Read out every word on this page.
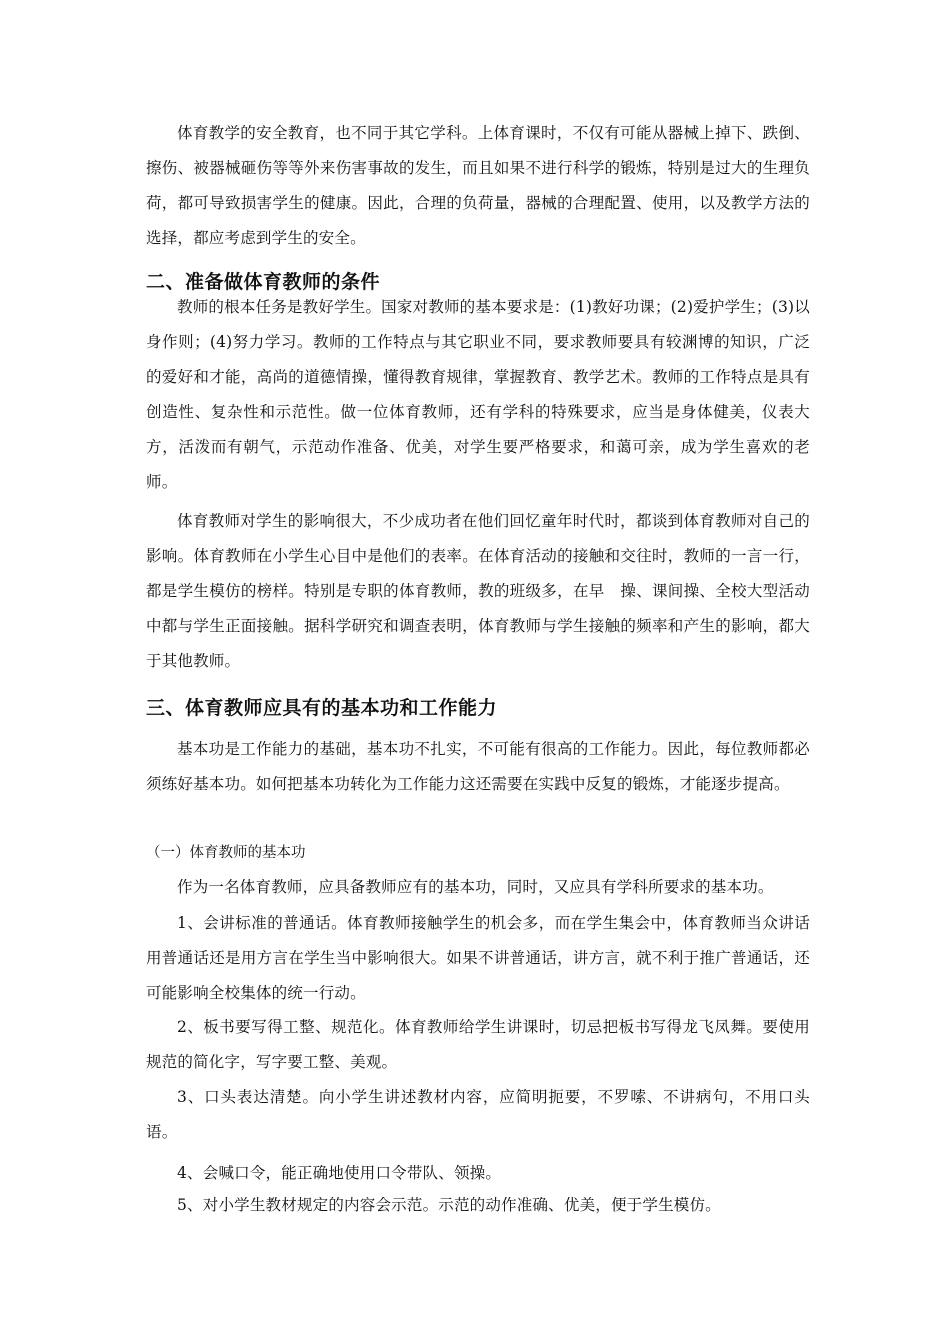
体育教学的安全教育，也不同于其它学科。上体育课时，不仅有可能从器械上掉下、跌倒、擦伤、被器械砸伤等等外来伤害事故的发生，而且如果不进行科学的锻炼，特别是过大的生理负荷，都可导致损害学生的健康。因此，合理的负荷量，器械的合理配置、使用，以及教学方法的选择，都应考虑到学生的安全。

二、准备做体育教师的条件

教师的根本任务是教好学生。国家对教师的基本要求是：(1)教好功课；(2)爱护学生；(3)以身作则；(4)努力学习。教师的工作特点与其它职业不同，要求教师要具有较渊博的知识，广泛的爱好和才能，高尚的道德情操，懂得教育规律，掌握教育、教学艺术。教师的工作特点是具有创造性、复杂性和示范性。做一位体育教师，还有学科的特殊要求，应当是身体健美，仪表大方，活泼而有朝气，示范动作准备、优美，对学生要严格要求，和蔼可亲，成为学生喜欢的老师。

体育教师对学生的影响很大，不少成功者在他们回忆童年时代时，都谈到体育教师对自己的影响。体育教师在小学生心目中是他们的表率。在体育活动的接触和交往时，教师的一言一行，都是学生模仿的榜样。特别是专职的体育教师，教的班级多，在早　操、课间操、全校大型活动中都与学生正面接触。据科学研究和调查表明，体育教师与学生接触的频率和产生的影响，都大于其他教师。

三、体育教师应具有的基本功和工作能力

基本功是工作能力的基础，基本功不扎实，不可能有很高的工作能力。因此，每位教师都必须练好基本功。如何把基本功转化为工作能力这还需要在实践中反复的锻炼，才能逐步提高。

（一）体育教师的基本功

作为一名体育教师，应具备教师应有的基本功，同时，又应具有学科所要求的基本功。

1、会讲标准的普通话。体育教师接触学生的机会多，而在学生集会中，体育教师当众讲话用普通话还是用方言在学生当中影响很大。如果不讲普通话，讲方言，就不利于推广普通话，还可能影响全校集体的统一行动。

2、板书要写得工整、规范化。体育教师给学生讲课时，切忌把板书写得龙飞凤舞。要使用规范的简化字，写字要工整、美观。

3、口头表达清楚。向小学生讲述教材内容，应简明扼要，不罗嗦、不讲病句，不用口头语。

4、会喊口令，能正确地使用口令带队、领操。

5、对小学生教材规定的内容会示范。示范的动作准确、优美，便于学生模仿。
